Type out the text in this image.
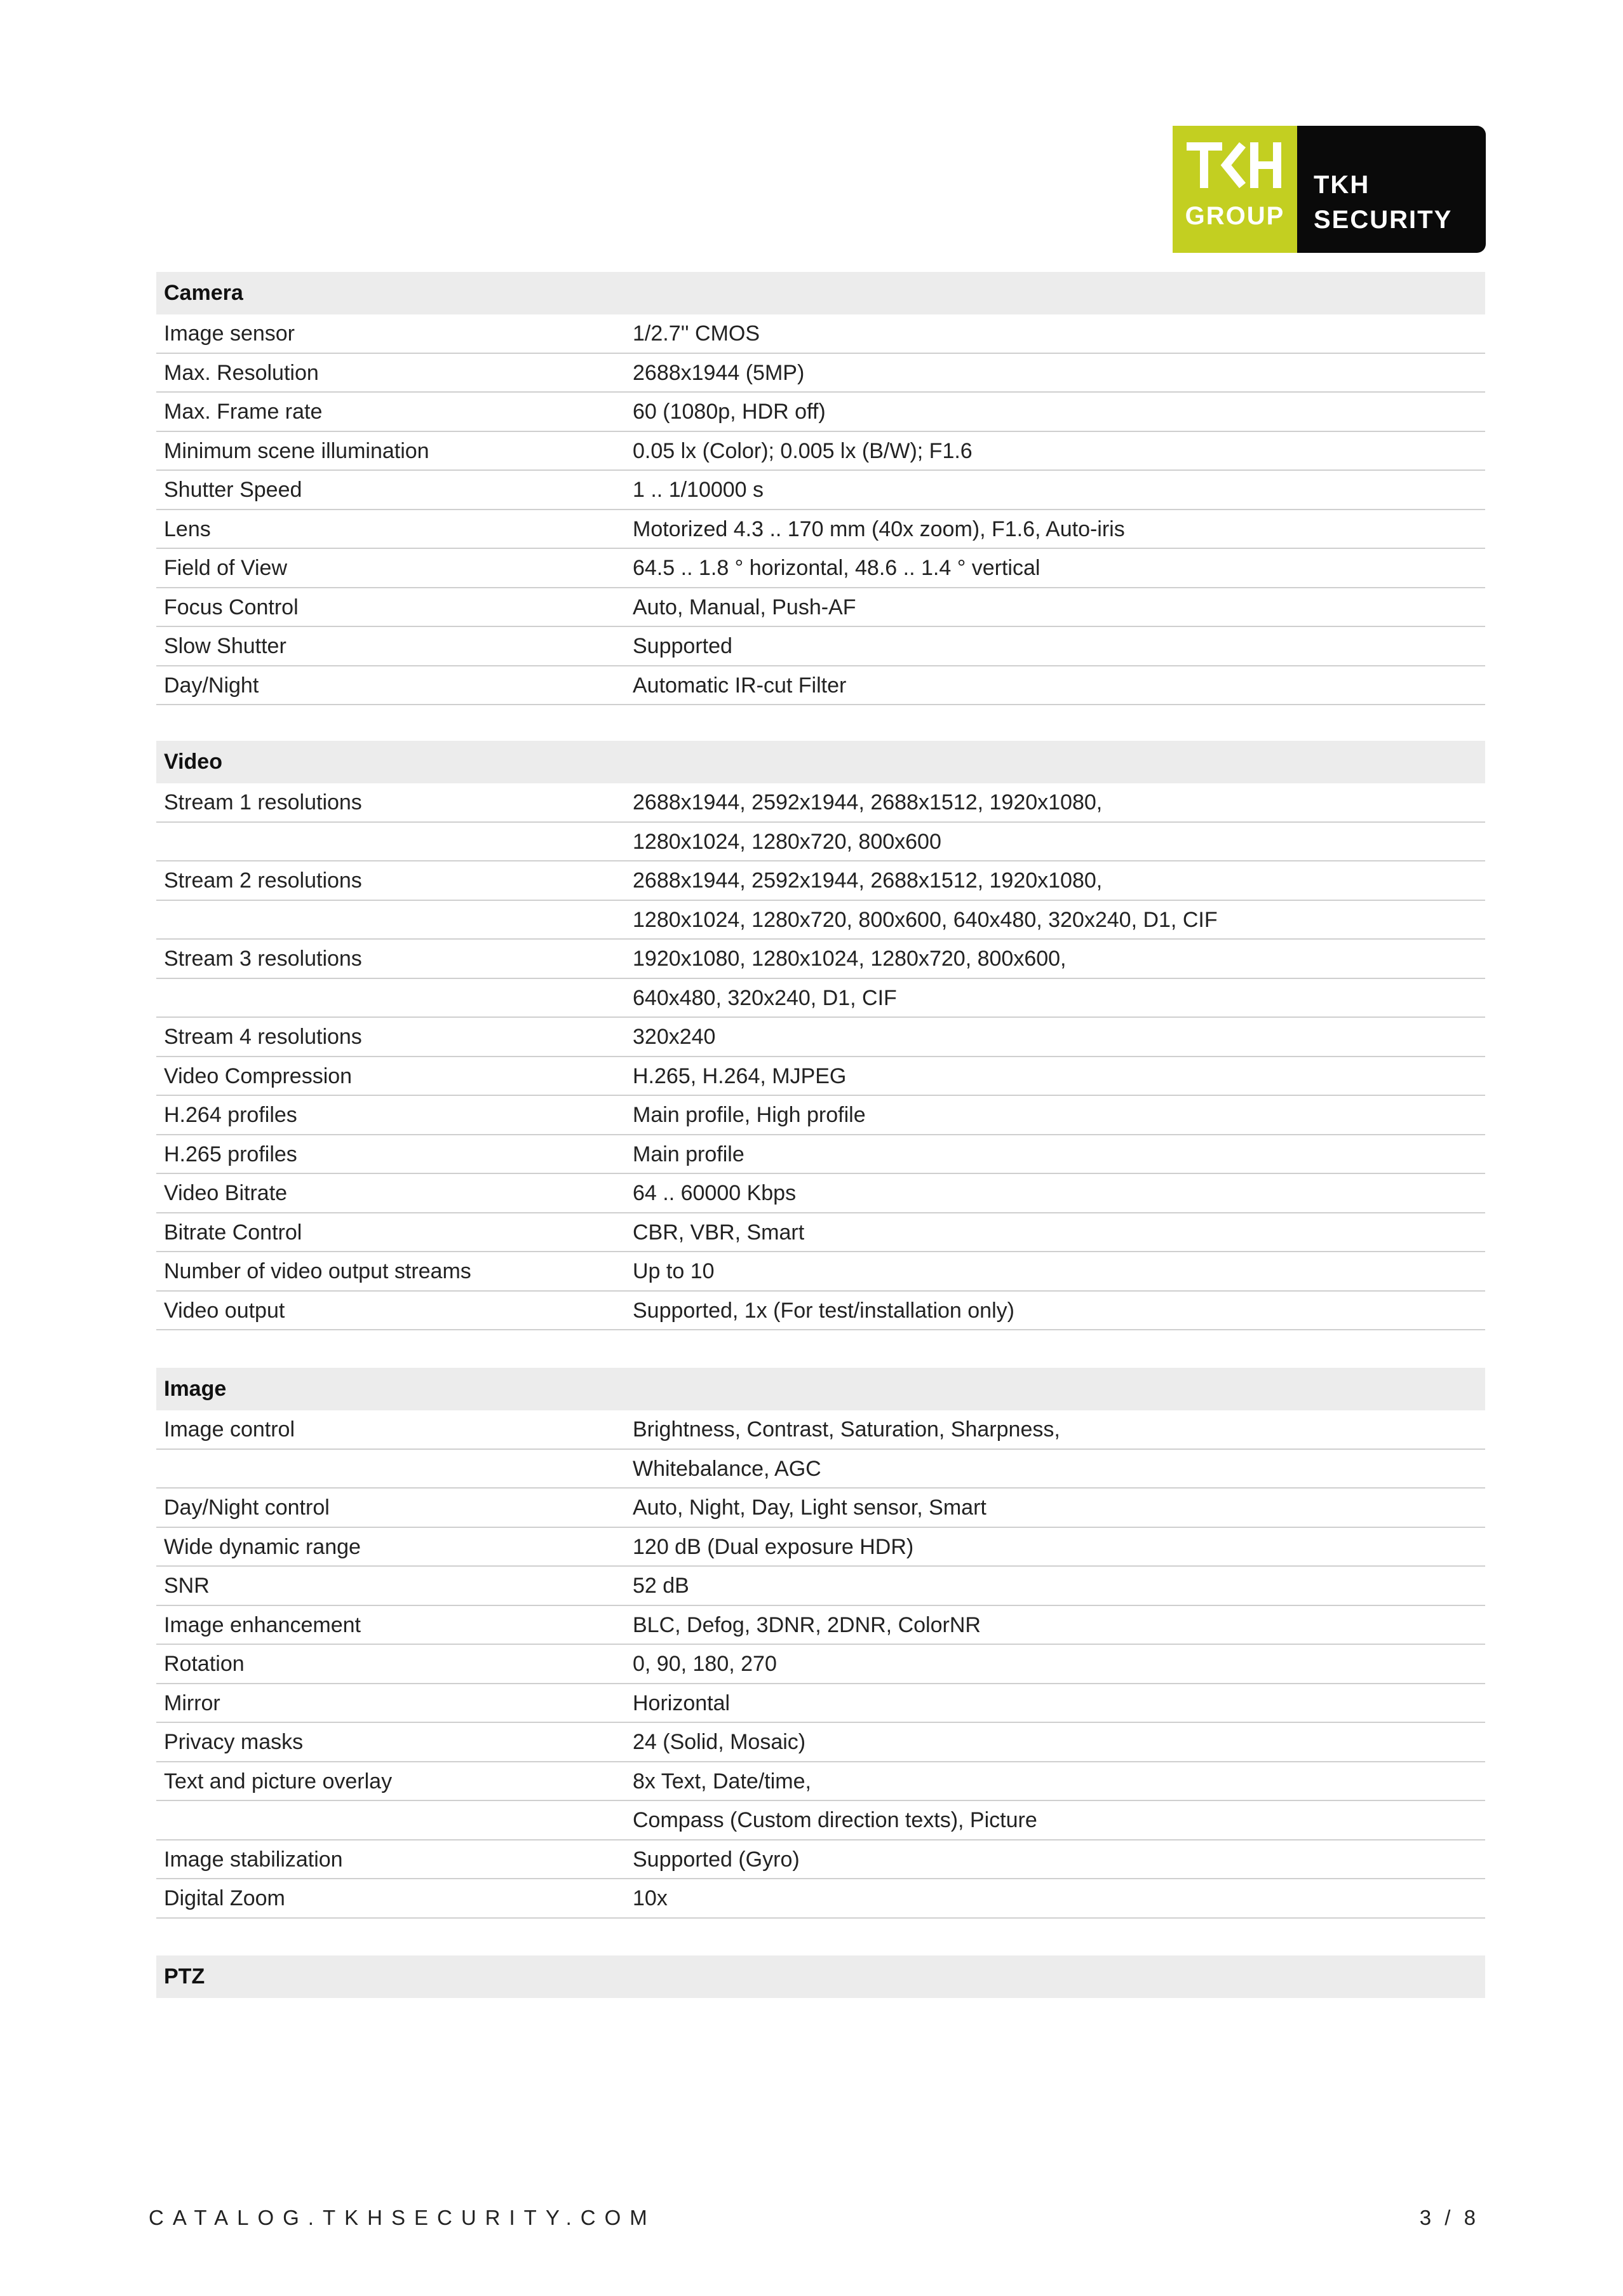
GROUP
TKH
SECURITY
Camera
Image sensor	1/2.7'' CMOS
Max. Resolution	2688x1944 (5MP)
Max. Frame rate	60 (1080p, HDR off)
Minimum scene illumination	0.05 lx (Color); 0.005 lx (B/W); F1.6
Shutter Speed	1 .. 1/10000 s
Lens	Motorized 4.3 .. 170 mm (40x zoom), F1.6, Auto-iris
Field of View	64.5 .. 1.8 ° horizontal, 48.6 .. 1.4 ° vertical
Focus Control	Auto, Manual, Push-AF
Slow Shutter	Supported
Day/Night	Automatic IR-cut Filter
Video
Stream 1 resolutions	2688x1944, 2592x1944, 2688x1512, 1920x1080,
1280x1024, 1280x720, 800x600
Stream 2 resolutions	2688x1944, 2592x1944, 2688x1512, 1920x1080,
1280x1024, 1280x720, 800x600, 640x480, 320x240, D1, CIF
Stream 3 resolutions	1920x1080, 1280x1024, 1280x720, 800x600,
640x480, 320x240, D1, CIF
Stream 4 resolutions	320x240
Video Compression	H.265, H.264, MJPEG
H.264 profiles	Main profile, High profile
H.265 profiles	Main profile
Video Bitrate	64 .. 60000 Kbps
Bitrate Control	CBR, VBR, Smart
Number of video output streams	Up to 10
Video output	Supported, 1x (For test/installation only)
Image
Image control	Brightness, Contrast, Saturation, Sharpness,
Whitebalance, AGC
Day/Night control	Auto, Night, Day, Light sensor, Smart
Wide dynamic range	120 dB (Dual exposure HDR)
SNR	52 dB
Image enhancement	BLC, Defog, 3DNR, 2DNR, ColorNR
Rotation	0, 90, 180, 270
Mirror	Horizontal
Privacy masks	24 (Solid, Mosaic)
Text and picture overlay	8x Text, Date/time,
Compass (Custom direction texts), Picture
Image stabilization	Supported (Gyro)
Digital Zoom	10x
PTZ
CATALOG.TKHSECURITY.COM	3 / 8
